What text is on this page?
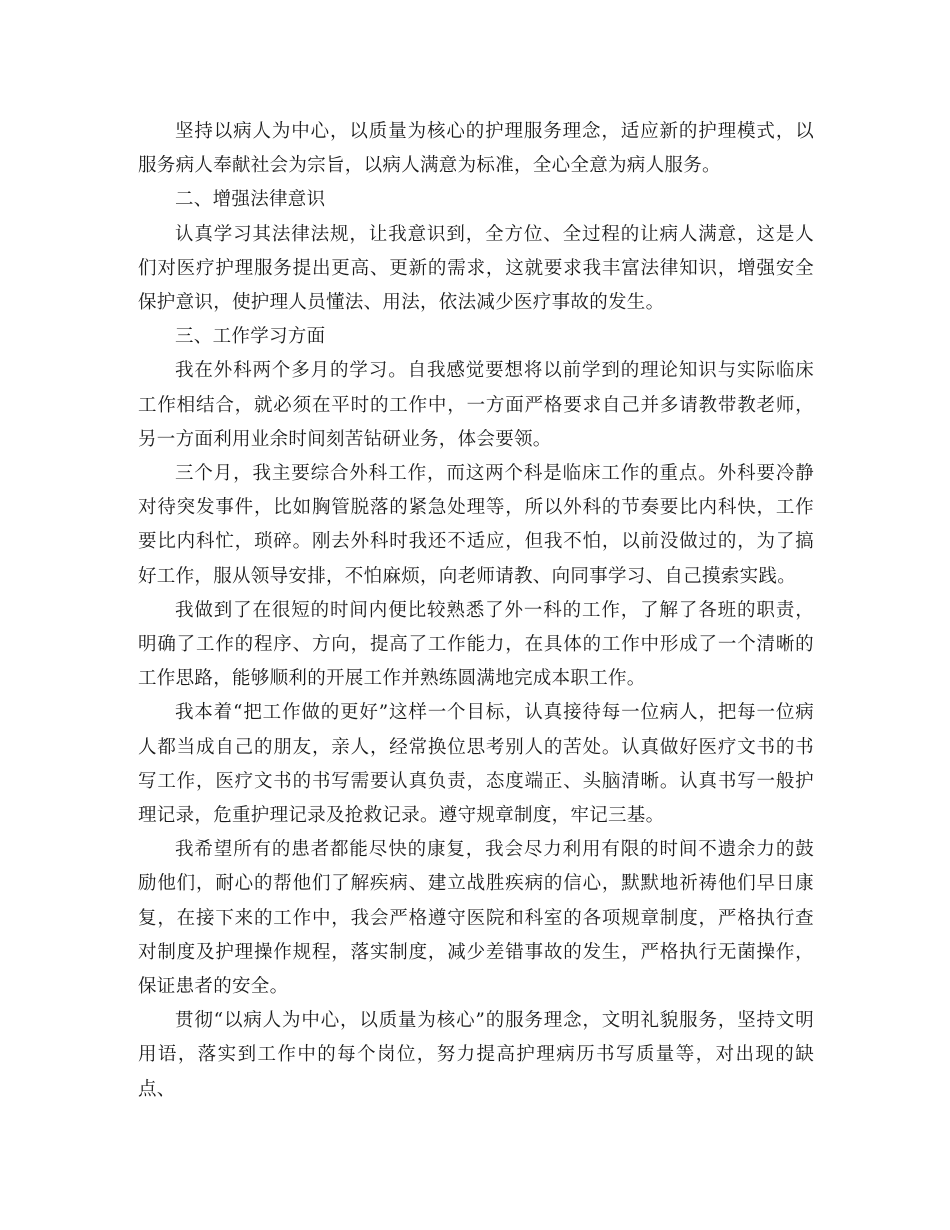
坚持以病人为中心，以质量为核心的护理服务理念，适应新的护理模式，以服务病人奉献社会为宗旨，以病人满意为标准，全心全意为病人服务。

二、增强法律意识

认真学习其法律法规，让我意识到，全方位、全过程的让病人满意，这是人们对医疗护理服务提出更高、更新的需求，这就要求我丰富法律知识，增强安全保护意识，使护理人员懂法、用法，依法减少医疗事故的发生。

三、工作学习方面

我在外科两个多月的学习。自我感觉要想将以前学到的理论知识与实际临床工作相结合，就必须在平时的工作中，一方面严格要求自己并多请教带教老师，另一方面利用业余时间刻苦钻研业务，体会要领。

三个月，我主要综合外科工作，而这两个科是临床工作的重点。外科要冷静对待突发事件，比如胸管脱落的紧急处理等，所以外科的节奏要比内科快，工作要比内科忙，琐碎。刚去外科时我还不适应，但我不怕，以前没做过的，为了搞好工作，服从领导安排，不怕麻烦，向老师请教、向同事学习、自己摸索实践。

我做到了在很短的时间内便比较熟悉了外一科的工作，了解了各班的职责，明确了工作的程序、方向，提高了工作能力，在具体的工作中形成了一个清晰的工作思路，能够顺利的开展工作并熟练圆满地完成本职工作。

我本着“把工作做的更好”这样一个目标，认真接待每一位病人，把每一位病人都当成自己的朋友，亲人，经常换位思考别人的苦处。认真做好医疗文书的书写工作，医疗文书的书写需要认真负责，态度端正、头脑清晰。认真书写一般护理记录，危重护理记录及抢救记录。遵守规章制度，牢记三基。

我希望所有的患者都能尽快的康复，我会尽力利用有限的时间不遗余力的鼓励他们，耐心的帮他们了解疾病、建立战胜疾病的信心，默默地祈祷他们早日康复，在接下来的工作中，我会严格遵守医院和科室的各项规章制度，严格执行查对制度及护理操作规程，落实制度，减少差错事故的发生，严格执行无菌操作，保证患者的安全。

贯彻“以病人为中心，以质量为核心”的服务理念，文明礼貌服务，坚持文明用语，落实到工作中的每个岗位，努力提高护理病历书写质量等，对出现的缺点、
